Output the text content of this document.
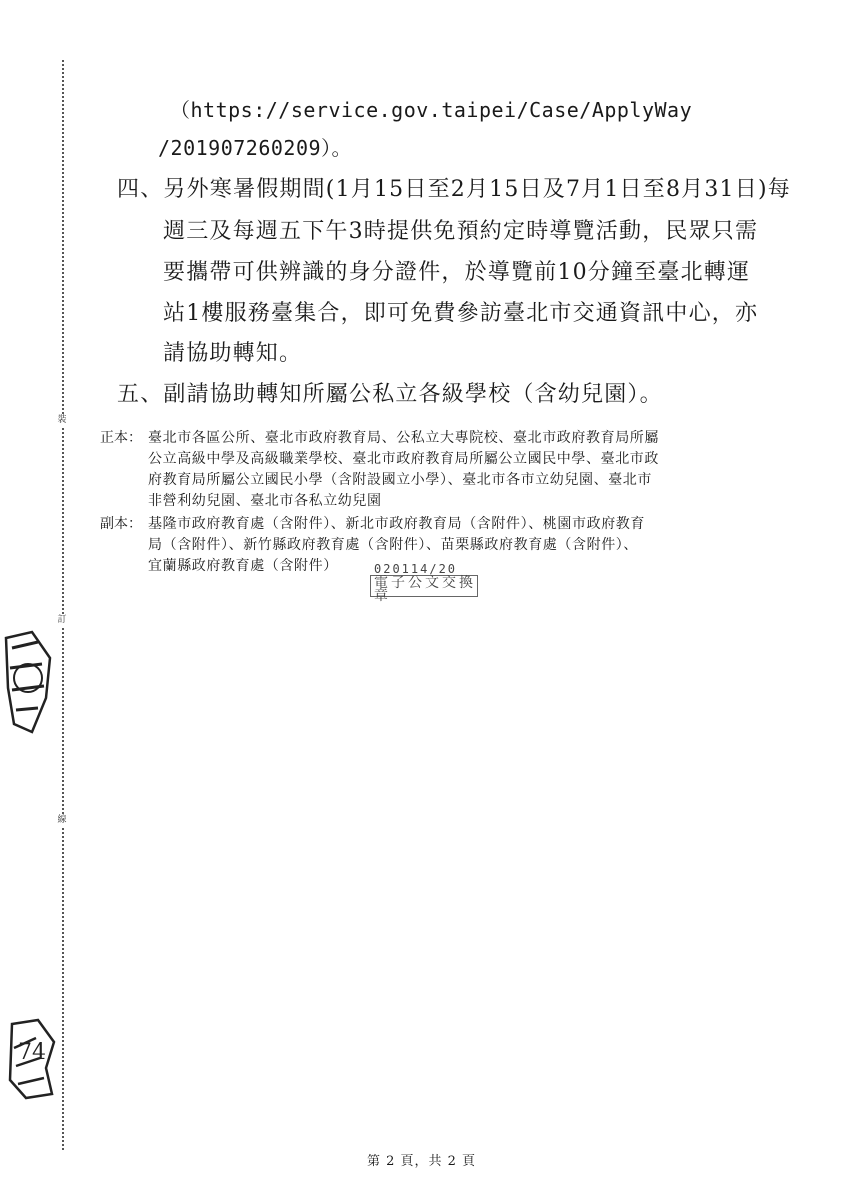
裝
訂
線
74
（https://service.gov.taipei/Case/ApplyWay
/201907260209）。
四、另外寒暑假期間(1月15日至2月15日及7月1日至8月31日)每
週三及每週五下午3時提供免預約定時導覽活動，民眾只需
要攜帶可供辨識的身分證件，於導覽前10分鐘至臺北轉運
站1樓服務臺集合，即可免費參訪臺北市交通資訊中心，亦
請協助轉知。
五、副請協助轉知所屬公私立各級學校（含幼兒園）。
正本： 臺北市各區公所、臺北市政府教育局、公私立大專院校、臺北市政府教育局所屬
公立高級中學及高級職業學校、臺北市政府教育局所屬公立國民中學、臺北市政
府教育局所屬公立國民小學（含附設國立小學）、臺北市各市立幼兒園、臺北市
非營利幼兒園、臺北市各私立幼兒園
副本： 基隆市政府教育處（含附件）、新北市政府教育局（含附件）、桃園市政府教育
局（含附件）、新竹縣政府教育處（含附件）、苗栗縣政府教育處（含附件）、
宜蘭縣政府教育處（含附件）	020114/20
電子公文交換章
第 2 頁，共 2 頁
